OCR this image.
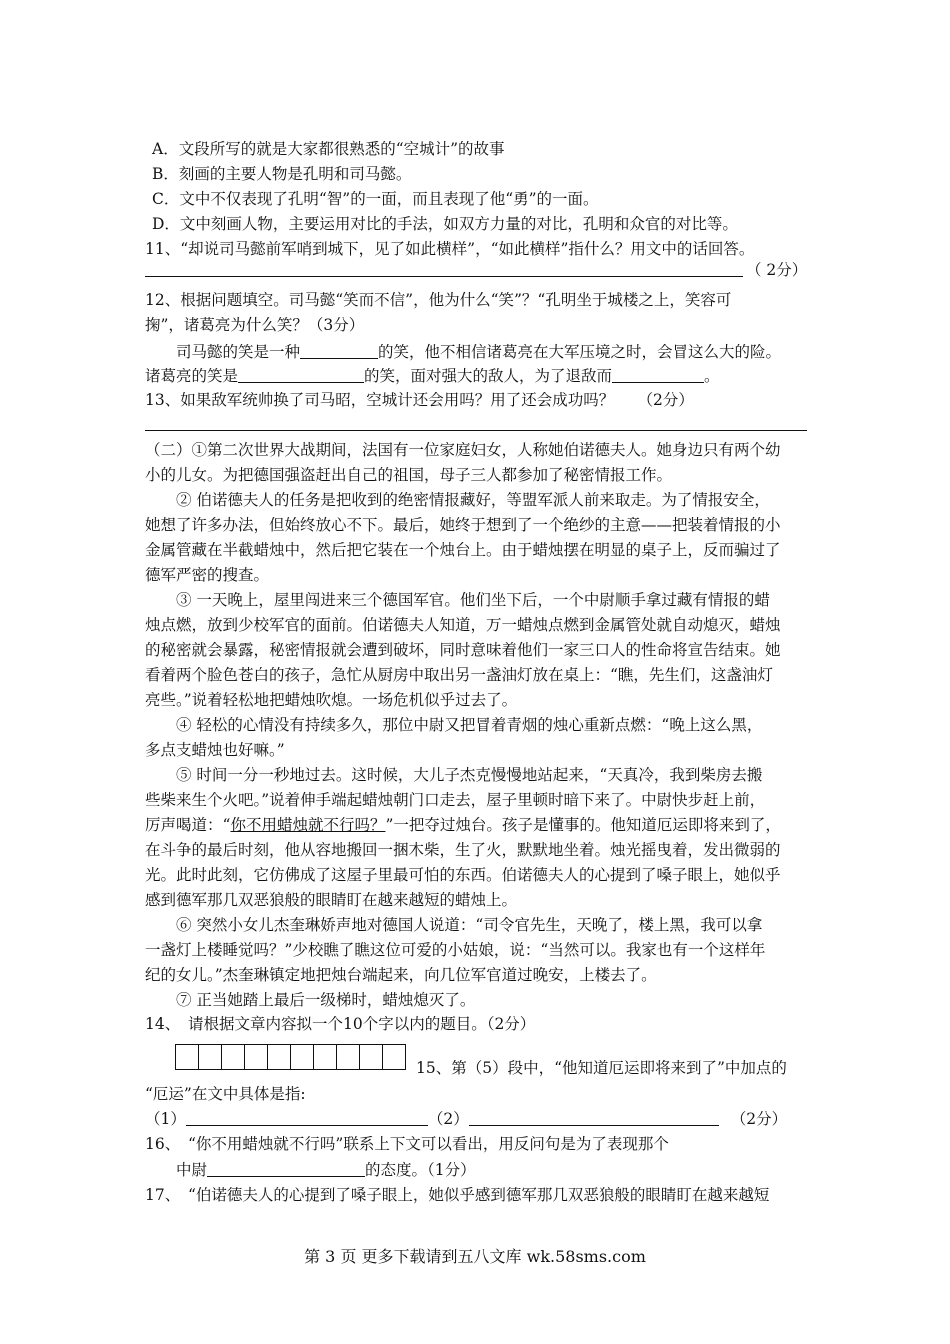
A．文段所写的就是大家都很熟悉的“空城计”的故事
B．刻画的主要人物是孔明和司马懿。
C．文中不仅表现了孔明“智”的一面，而且表现了他“勇”的一面。
D．文中刻画人物，主要运用对比的手法，如双方力量的对比，孔明和众官的对比等。
11、“却说司马懿前军哨到城下，见了如此横样”，“如此横样”指什么？用文中的话回答。
（ 2分）
12、根据问题填空。司马懿“笑而不信”，他为什么“笑”？“孔明坐于城楼之上，笑容可
掬”，诸葛亮为什么笑？（3分）
司马懿的笑是一种	的笑，他不相信诸葛亮在大军压境之时，会冒这么大的险。
诸葛亮的笑是	的笑，面对强大的敌人，为了退敌而	。
13、如果敌军统帅换了司马昭，空城计还会用吗？用了还会成功吗？　　（2分）
（二）①第二次世界大战期间，法国有一位家庭妇女，人称她伯诺德夫人。她身边只有两个幼
小的儿女。为把德国强盗赶出自己的祖国，母子三人都参加了秘密情报工作。
② 伯诺德夫人的任务是把收到的绝密情报藏好，等盟军派人前来取走。为了情报安全，
她想了许多办法，但始终放心不下。最后，她终于想到了一个绝纱的主意——把装着情报的小
金属管藏在半截蜡烛中，然后把它装在一个烛台上。由于蜡烛摆在明显的桌子上，反而骗过了
德军严密的搜查。
③ 一天晚上，屋里闯进来三个德国军官。他们坐下后，一个中尉顺手拿过藏有情报的蜡
烛点燃，放到少校军官的面前。伯诺德夫人知道，万一蜡烛点燃到金属管处就自动熄灭，蜡烛
的秘密就会暴露，秘密情报就会遭到破坏，同时意味着他们一家三口人的性命将宣告结束。她
看着两个脸色苍白的孩子，急忙从厨房中取出另一盏油灯放在桌上：“瞧，先生们，这盏油灯
亮些。”说着轻松地把蜡烛吹熄。一场危机似乎过去了。
④ 轻松的心情没有持续多久，那位中尉又把冒着青烟的烛心重新点燃：“晚上这么黑，
多点支蜡烛也好嘛。”
⑤ 时间一分一秒地过去。这时候，大儿子杰克慢慢地站起来，“天真冷，我到柴房去搬
些柴来生个火吧。”说着伸手端起蜡烛朝门口走去，屋子里顿时暗下来了。中尉快步赶上前，
厉声喝道：“你不用蜡烛就不行吗？”一把夺过烛台。孩子是懂事的。他知道厄运即将来到了，
在斗争的最后时刻，他从容地搬回一捆木柴，生了火，默默地坐着。烛光摇曳着，发出微弱的
光。此时此刻，它仿佛成了这屋子里最可怕的东西。伯诺德夫人的心提到了嗓子眼上，她似乎
感到德军那几双恶狼般的眼睛盯在越来越短的蜡烛上。
⑥ 突然小女儿杰奎琳娇声地对德国人说道：“司令官先生，天晚了，楼上黑，我可以拿
一盏灯上楼睡觉吗？”少校瞧了瞧这位可爱的小姑娘，说：“当然可以。我家也有一个这样年
纪的女儿。”杰奎琳镇定地把烛台端起来，向几位军官道过晚安，上楼去了。
⑦ 正当她踏上最后一级梯时，蜡烛熄灭了。
14、　请根据文章内容拟一个10个字以内的题目。（2分）
15、第（5）段中，“他知道厄运即将来到了”中加点的
“厄运”在文中具体是指:
（1）	（2）	（2分）
16、　“你不用蜡烛就不行吗”联系上下文可以看出，用反问句是为了表现那个
中尉	的态度。（1分）
17、　“伯诺德夫人的心提到了嗓子眼上，她似乎感到德军那几双恶狼般的眼睛盯在越来越短
第 3 页 更多下载请到五八文库 wk.58sms.com
